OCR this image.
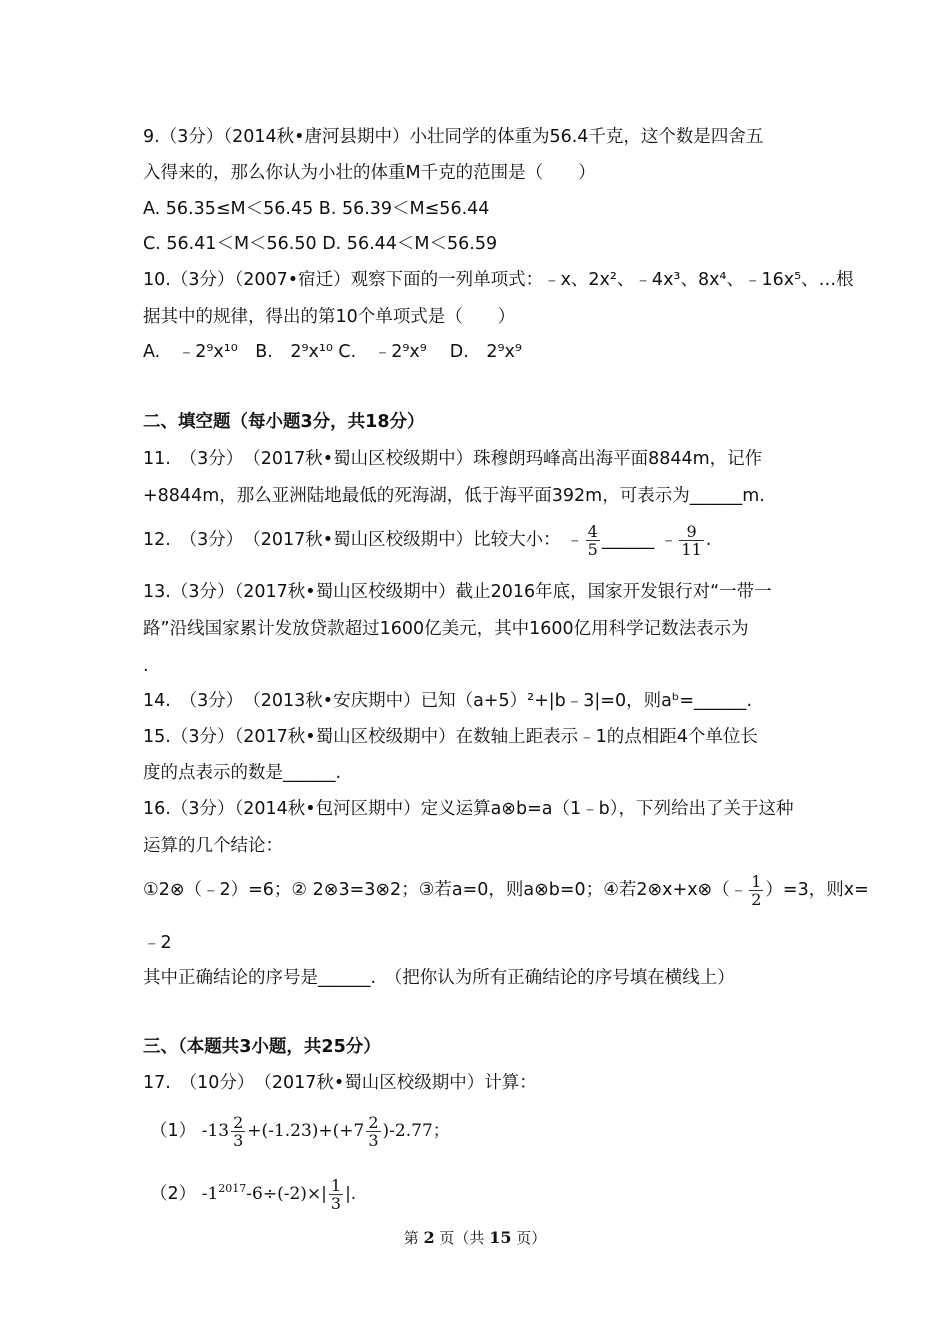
9.（3分）（2014秋•唐河县期中）小壮同学的体重为56.4千克，这个数是四舍五
入得来的，那么你认为小壮的体重M千克的范围是（　　）
A. 56.35≤M＜56.45 B. 56.39＜M≤56.44
C. 56.41＜M＜56.50 D. 56.44＜M＜56.59
10.（3分）（2007•宿迁）观察下面的一列单项式：﹣x、2x²、﹣4x³、8x⁴、﹣16x⁵、…根
据其中的规律，得出的第10个单项式是（　　）
A.　﹣2⁹x¹⁰　B.　2⁹x¹⁰ C.　﹣2⁹x⁹　 D.　2⁹x⁹
二、填空题（每小题3分，共18分）
11.　（3分）　（2017秋•蜀山区校级期中）珠穆朗玛峰高出海平面8844m，记作
+8844m，那么亚洲陆地最低的死海湖，低于海平面392m，可表示为______m.
12.　（3分）　（2017秋•蜀山区校级期中）比较大小： ﹣ $\frac{4}{5}$ ______ ﹣ $\frac{9}{11}$ .
13.（3分）（2017秋•蜀山区校级期中）截止2016年底，国家开发银行对“一带一
路”沿线国家累计发放贷款超过1600亿美元，其中1600亿用科学记数法表示为
.
14.　（3分）　（2013秋•安庆期中）已知（a+5）²+|b﹣3|=0，则aᵇ=______.
15.（3分）（2017秋•蜀山区校级期中）在数轴上距表示﹣1的点相距4个单位长
度的点表示的数是______.
16.（3分）（2014秋•包河区期中）定义运算a⊗b=a（1﹣b），下列给出了关于这种
运算的几个结论：
①2⊗（﹣2）=6；② 2⊗3=3⊗2；③若a=0，则a⊗b=0；④若2⊗x+x⊗（﹣ $\frac{1}{2} )=3$，则x=
﹣2
其中正确结论的序号是______.　（把你认为所有正确结论的序号填在横线上）
三、（本题共3小题，共25分）
17.　（10分）　（2017秋•蜀山区校级期中）计算：
（1） $-13 \frac{2}{3} +(-1.23)+(+7 \frac{2}{3} )-2.77$；
（2） $-1^{2017}-6\div(-2)\times| \frac{1}{3}$ |.
第 2 页（共 15 页）
